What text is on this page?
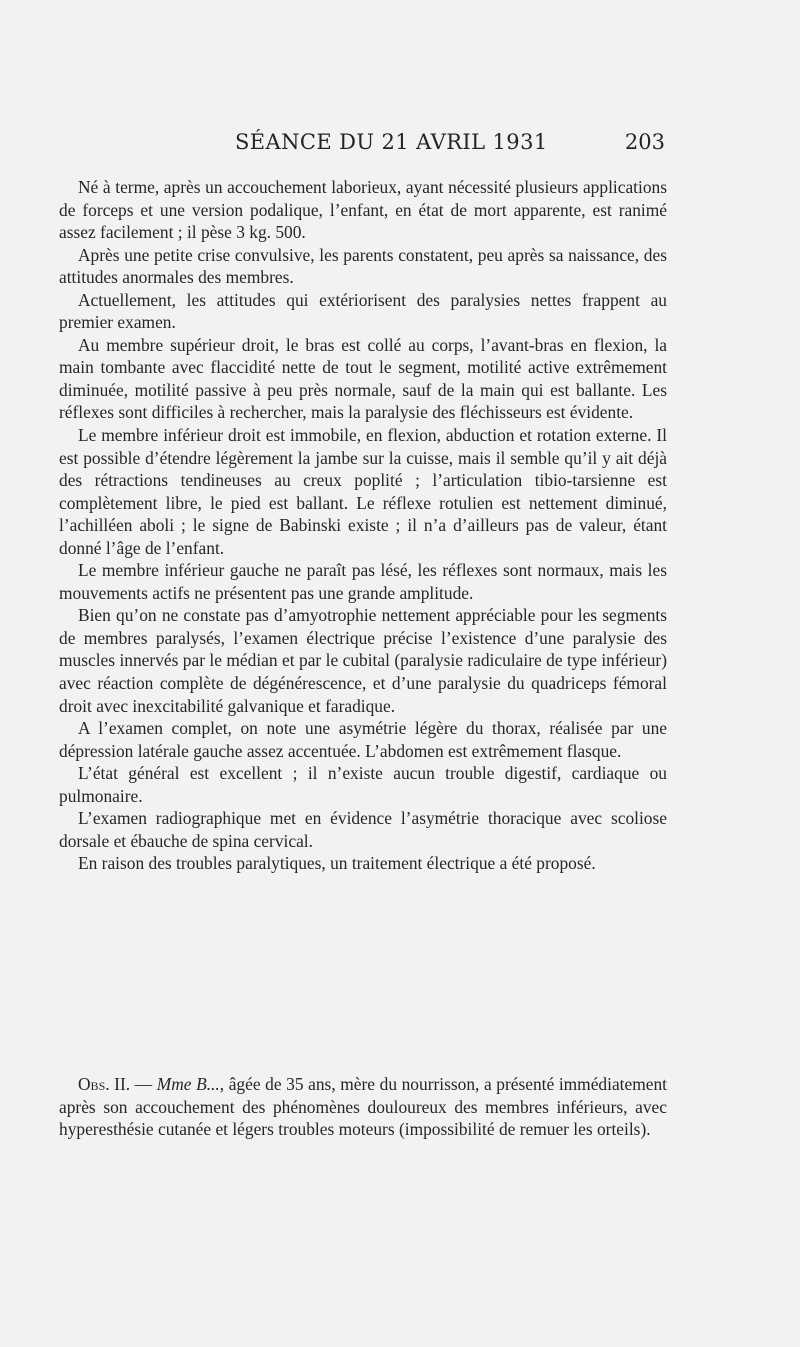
SÉANCE DU 21 AVRIL 1931	203

Né à terme, après un accouchement laborieux, ayant nécessité plusieurs applications de forceps et une version podalique, l’enfant, en état de mort apparente, est ranimé assez facilement ; il pèse 3 kg. 500.

Après une petite crise convulsive, les parents constatent, peu après sa naissance, des attitudes anormales des membres.

Actuellement, les attitudes qui extériorisent des paralysies nettes frappent au premier examen.

Au membre supérieur droit, le bras est collé au corps, l’avant-bras en flexion, la main tombante avec flaccidité nette de tout le segment, motilité active extrêmement diminuée, motilité passive à peu près normale, sauf de la main qui est ballante. Les réflexes sont difficiles à rechercher, mais la paralysie des fléchisseurs est évidente.

Le membre inférieur droit est immobile, en flexion, abduction et rotation externe. Il est possible d’étendre légèrement la jambe sur la cuisse, mais il semble qu’il y ait déjà des rétractions tendineuses au creux poplité ; l’articulation tibio-tarsienne est complètement libre, le pied est ballant. Le réflexe rotulien est nettement diminué, l’achilléen aboli ; le signe de Babinski existe ; il n’a d’ailleurs pas de valeur, étant donné l’âge de l’enfant.

Le membre inférieur gauche ne paraît pas lésé, les réflexes sont normaux, mais les mouvements actifs ne présentent pas une grande amplitude.

Bien qu’on ne constate pas d’amyotrophie nettement appréciable pour les segments de membres paralysés, l’examen électrique précise l’existence d’une paralysie des muscles innervés par le médian et par le cubital (paralysie radiculaire de type inférieur) avec réaction complète de dégénérescence, et d’une paralysie du quadriceps fémoral droit avec inexcitabilité galvanique et faradique.

A l’examen complet, on note une asymétrie légère du thorax, réalisée par une dépression latérale gauche assez accentuée. L’abdomen est extrêmement flasque.

L’état général est excellent ; il n’existe aucun trouble digestif, cardiaque ou pulmonaire.

L’examen radiographique met en évidence l’asymétrie thoracique avec scoliose dorsale et ébauche de spina cervical.

En raison des troubles paralytiques, un traitement électrique a été proposé.

Obs. II. — Mme B..., âgée de 35 ans, mère du nourrisson, a présenté immédiatement après son accouchement des phénomènes douloureux des membres inférieurs, avec hyperesthésie cutanée et légers troubles moteurs (impossibilité de remuer les orteils).
